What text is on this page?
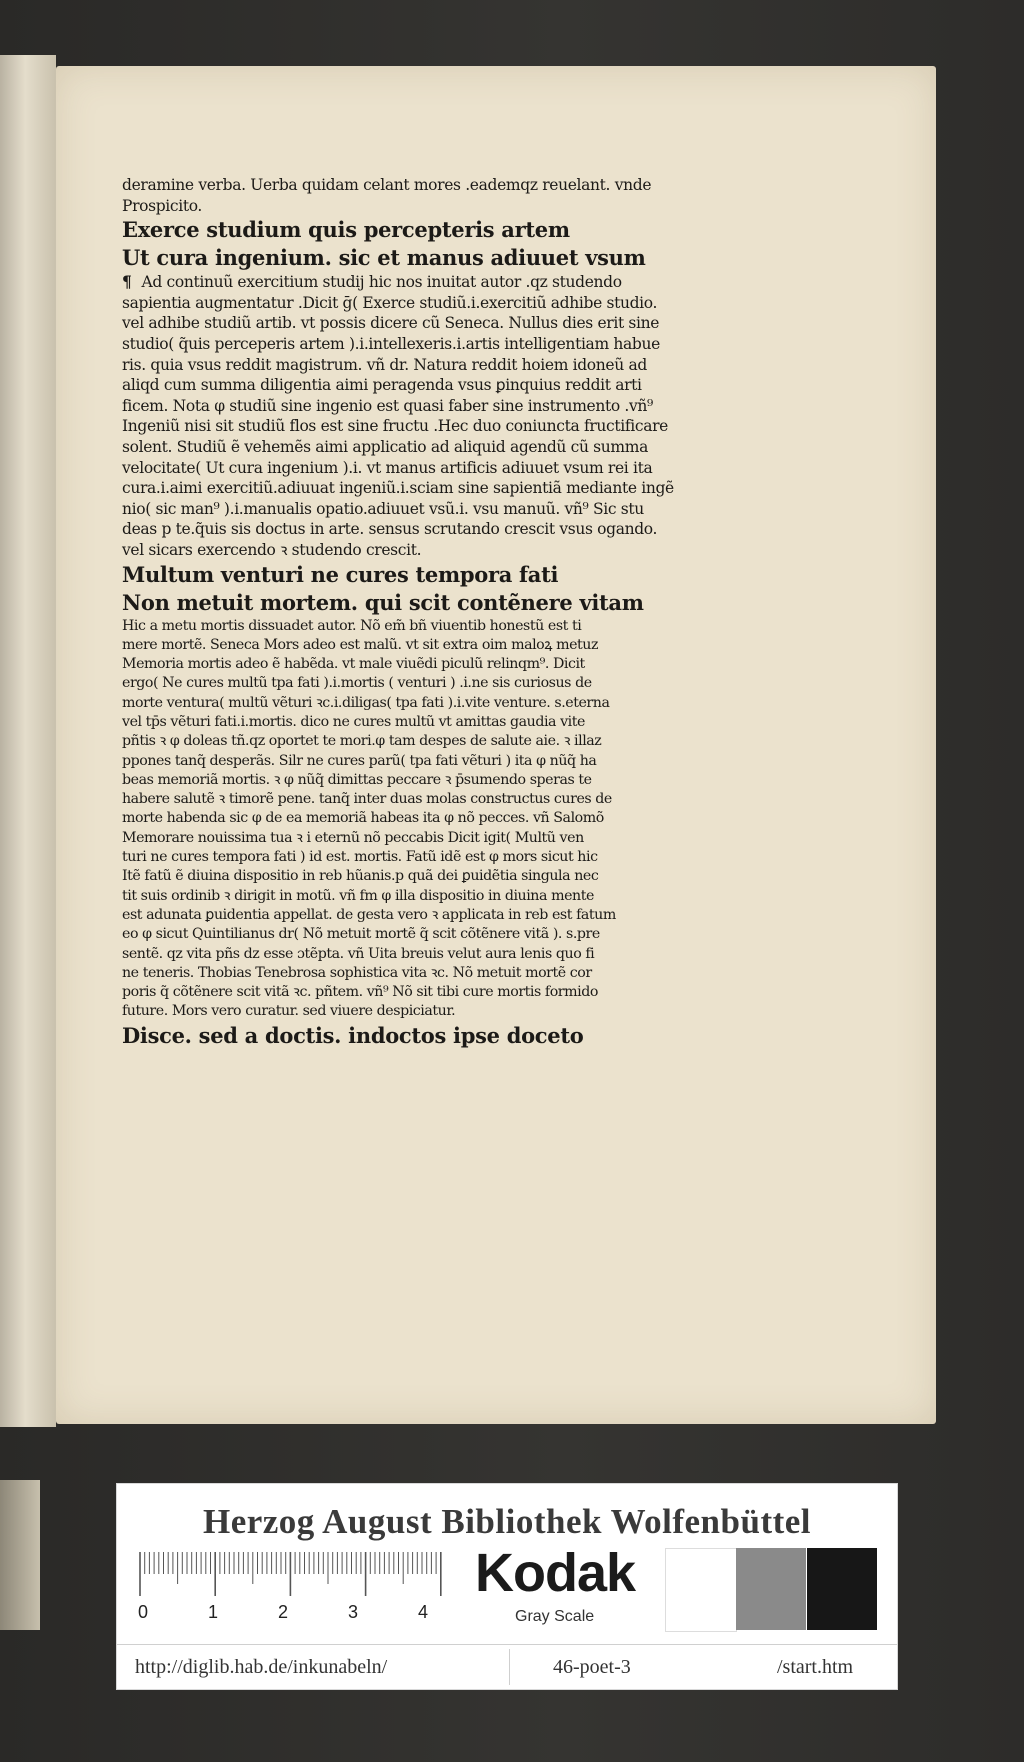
deramine verba. Uerba quidam celant mores .eademqz reuelant. vnde

Prospicito.

Exerce studium quis percepteris artem

Ut cura ingenium. sic et manus adiuuet vsum

¶ Ad continuũ exercitium studij hic nos inuitat autor .qz studendo

sapientia augmentatur .Dicit ḡ( Exerce studiũ.i.exercitiũ adhibe studio.

vel adhibe studiũ artib. vt possis dicere cũ Seneca. Nullus dies erit sine

studio( q̃uis perceperis artem ).i.intellexeris.i.artis intelligentiam habue

ris. quia vsus reddit magistrum. vñ dr. Natura reddit hoiem idoneũ ad

aliqd cum summa diligentia aimi peragenda vsus ꝑinquius reddit arti

ficem. Nota φ studiũ sine ingenio est quasi faber sine instrumento .vñ⁹

Ingeniũ nisi sit studiũ flos est sine fructu .Hec duo coniuncta fructificare

solent. Studiũ ẽ vehemẽs aimi applicatio ad aliquid agendũ cũ summa

velocitate( Ut cura ingenium ).i. vt manus artificis adiuuet vsum rei ita

cura.i.aimi exercitiũ.adiuuat ingeniũ.i.sciam sine sapientiã mediante ingẽ

nio( sic man⁹ ).i.manualis opatio.adiuuet vsũ.i. vsu manuũ. vñ⁹ Sic stu

deas p te.q̃uis sis doctus in arte. sensus scrutando crescit vsus ogando.

vel sicars exercendo ꝛ studendo crescit.

Multum venturi ne cures tempora fati

Non metuit mortem. qui scit contẽnere vitam

Hic a metu mortis dissuadet autor. Nõ em̃ bñ viuentib honestũ est ti

mere mortẽ. Seneca Mors adeo est malũ. vt sit extra oim maloꝝ metuz

Memoria mortis adeo ẽ habẽda. vt male viuẽdi piculũ relinqm⁹. Dicit

ergo( Ne cures multũ tpa fati ).i.mortis ( venturi ) .i.ne sis curiosus de

morte ventura( multũ vẽturi ꝛc.i.diligas( tpa fati ).i.vite venture. s.eterna

vel tp̄s vẽturi fati.i.mortis. dico ne cures multũ vt amittas gaudia vite

pñtis ꝛ φ doleas tñ.qz oportet te mori.φ tam despes de salute aie. ꝛ illaz

ppones tanq̃ desperãs. Silr ne cures parũ( tpa fati vẽturi ) ita φ nũq̃ ha

beas memoriã mortis. ꝛ φ nũq̃ dimittas peccare ꝛ p̄sumendo speras te

habere salutẽ ꝛ timorẽ pene. tanq̃ inter duas molas constructus cures de

morte habenda sic φ de ea memoriã habeas ita φ nõ pecces. vñ Salomõ

Memorare nouissima tua ꝛ i eternũ nõ peccabis Dicit igit( Multũ ven

turi ne cures tempora fati ) id est. mortis. Fatũ idẽ est φ mors sicut hic

Itẽ fatũ ẽ diuina dispositio in reb hũanis.p quã dei ꝑuidẽtia singula nec

tit suis ordinib ꝛ dirigit in motũ. vñ fm φ illa dispositio in diuina mente

est adunata ꝑuidentia appellat. de gesta vero ꝛ applicata in reb est fatum

eo φ sicut Quintilianus dr( Nõ metuit mortẽ q̃ scit cõtẽnere vitã ). s.pre

sentẽ. qz vita pñs dz esse ɔtẽpta. vñ Uita breuis velut aura lenis quo fi

ne teneris. Thobias Tenebrosa sophistica vita ꝛc. Nõ metuit mortẽ cor

poris q̃ cõtẽnere scit vitã ꝛc. pñtem. vñ⁹ Nõ sit tibi cure mortis formido

future. Mors vero curatur. sed viuere despiciatur.

Disce. sed a doctis. indoctos ipse doceto

Herzog August Bibliothek Wolfenbüttel
0	1	2	3	4
Kodak
Gray Scale
http://diglib.hab.de/inkunabeln/	46-poet-3	/start.htm
